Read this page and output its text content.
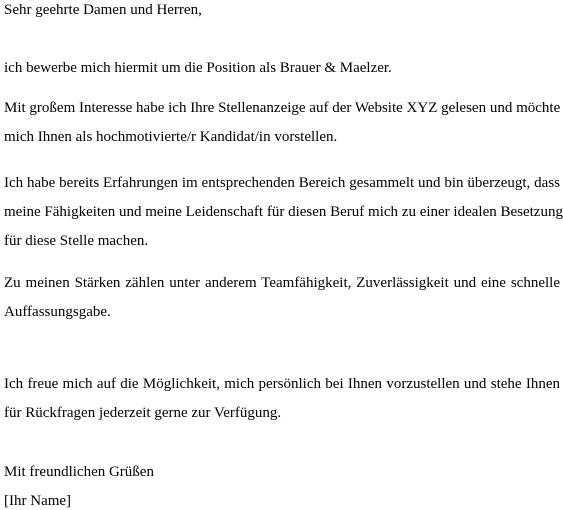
Sehr geehrte Damen und Herren,
ich bewerbe mich hiermit um die Position als Brauer & Maelzer.
Mit großem Interesse habe ich Ihre Stellenanzeige auf der Website XYZ gelesen und möchte
mich Ihnen als hochmotivierte/r Kandidat/in vorstellen.
Ich habe bereits Erfahrungen im entsprechenden Bereich gesammelt und bin überzeugt, dass
meine Fähigkeiten und meine Leidenschaft für diesen Beruf mich zu einer idealen Besetzung
für diese Stelle machen.
Zu meinen Stärken zählen unter anderem Teamfähigkeit, Zuverlässigkeit und eine schnelle
Auffassungsgabe.
Ich freue mich auf die Möglichkeit, mich persönlich bei Ihnen vorzustellen und stehe Ihnen
für Rückfragen jederzeit gerne zur Verfügung.
Mit freundlichen Grüßen
[Ihr Name]
